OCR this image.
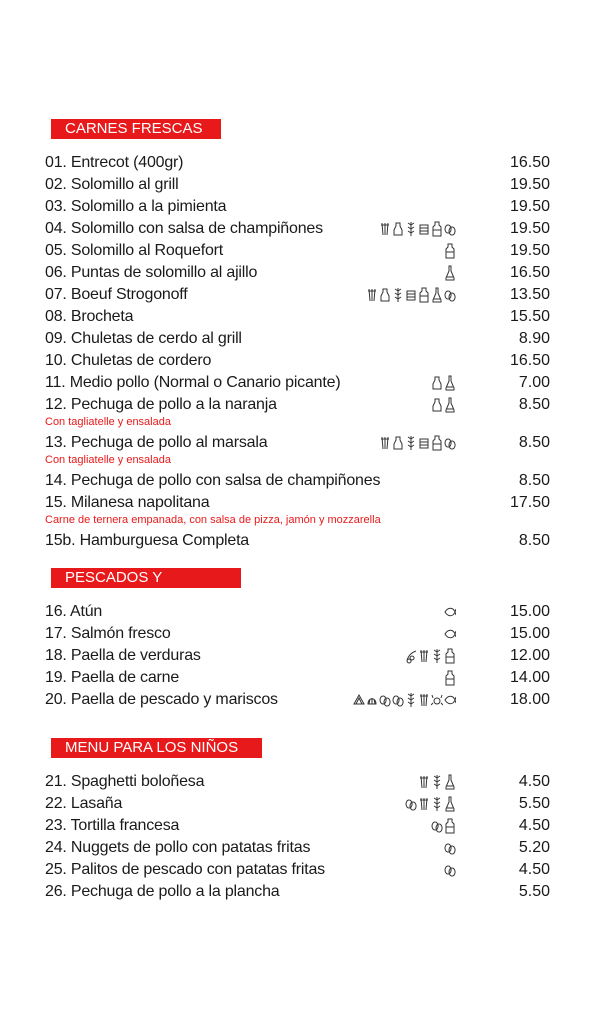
CARNES FRESCAS
PESCADOS Y PAELLAS
MENU PARA LOS NIÑOS
01. Entrecot (400gr)	16.50
02. Solomillo al grill	19.50
03. Solomillo a la pimienta	19.50
04. Solomillo con salsa de champiñones	19.50
05. Solomillo al Roquefort	19.50
06. Puntas de solomillo al ajillo	16.50
07. Boeuf Strogonoff	13.50
08. Brocheta	15.50
09. Chuletas de cerdo al grill	8.90
10. Chuletas de cordero	16.50
11. Medio pollo (Normal o Canario picante)	7.00
12. Pechuga de pollo a la naranja	8.50
Con tagliatelle y ensalada
13. Pechuga de pollo al marsala	8.50
Con tagliatelle y ensalada
14. Pechuga de pollo con salsa de champiñones	8.50
15. Milanesa napolitana	17.50
Carne de ternera empanada, con salsa de pizza, jamón y mozzarella
15b. Hamburguesa Completa	8.50
16. Atún	15.00
17. Salmón fresco	15.00
18. Paella de verduras	12.00
19. Paella de carne	14.00
20. Paella de pescado y mariscos	18.00
21. Spaghetti boloñesa	4.50
22. Lasaña	5.50
23. Tortilla francesa	4.50
24. Nuggets de pollo con patatas fritas	5.20
25. Palitos de pescado con patatas fritas	4.50
26. Pechuga de pollo a la plancha	5.50
